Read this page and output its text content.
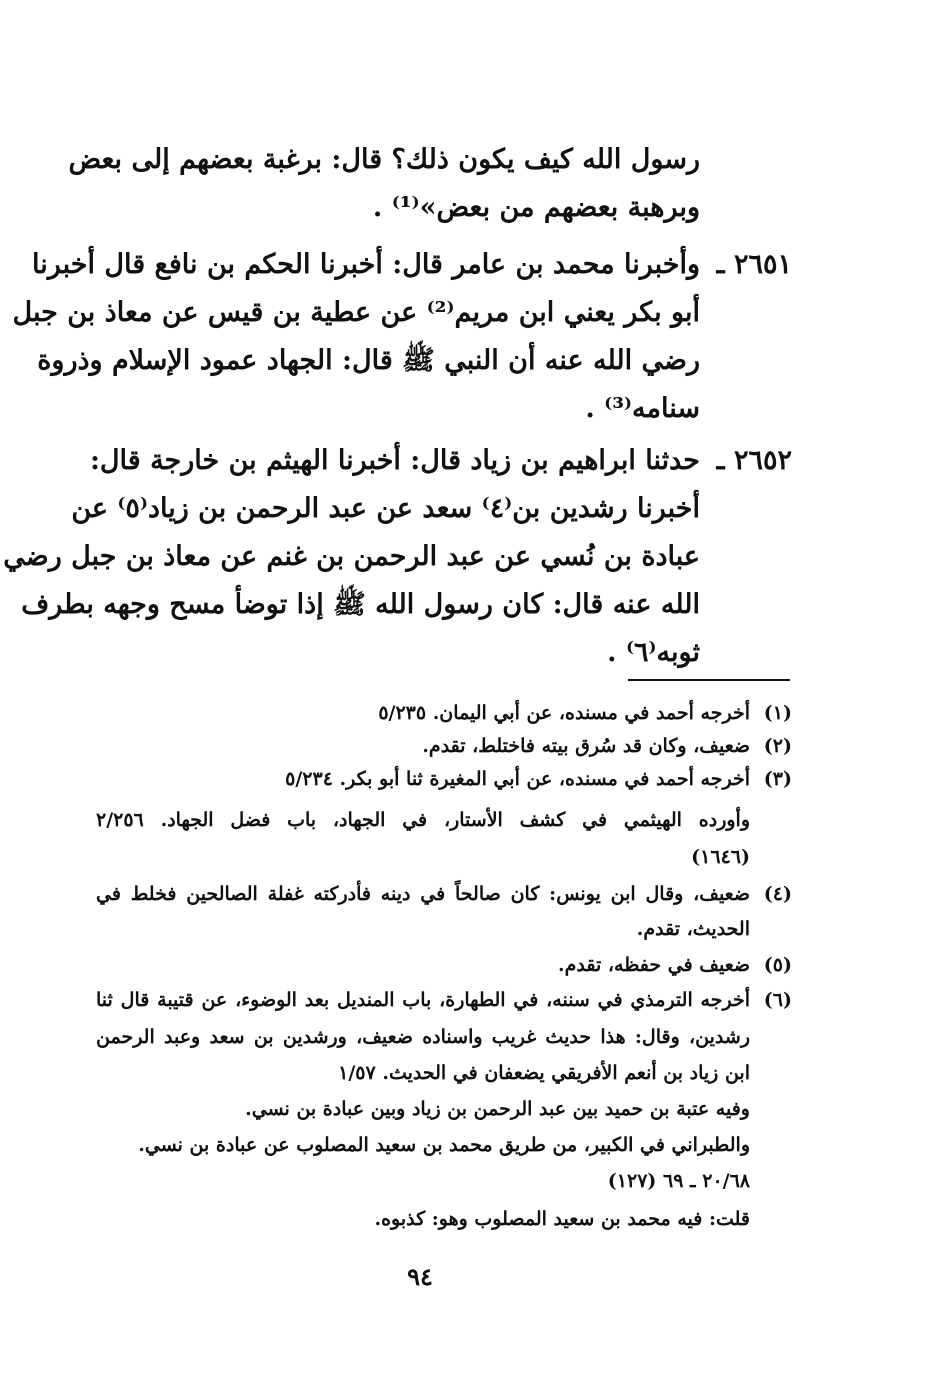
رسول الله كيف يكون ذلك؟ قال: برغبة بعضهم إلى بعض
وبرهبة بعضهم من بعض»⁽¹⁾ .
٢٦٥١ ـ
وأخبرنا محمد بن عامر قال: أخبرنا الحكم بن نافع قال أخبرنا
أبو بكر يعني ابن مريم⁽²⁾ عن عطية بن قيس عن معاذ بن جبل
رضي الله عنه أن النبي ﷺ قال: الجهاد عمود الإسلام وذروة
سنامه⁽³⁾ .
٢٦٥٢ ـ
حدثنا ابراهيم بن زياد قال: أخبرنا الهيثم بن خارجة قال:
أخبرنا رشدين بن⁽٤⁾ سعد عن عبد الرحمن بن زياد⁽٥⁾ عن
عبادة بن نُسي عن عبد الرحمن بن غنم عن معاذ بن جبل رضي
الله عنه قال: كان رسول الله ﷺ إذا توضأ مسح وجهه بطرف
ثوبه⁽٦⁾ .
(١)
أخرجه أحمد في مسنده، عن أبي اليمان. ٥/٢٣٥
(٢)
ضعيف، وكان قد سُرق بيته فاختلط، تقدم.
(٣)
أخرجه أحمد في مسنده، عن أبي المغيرة ثنا أبو بكر. ٥/٢٣٤
وأورده الهيثمي في كشف الأستار، في الجهاد، باب فضل الجهاد. ٢/٢٥٦
(١٦٤٦)
(٤)
ضعيف، وقال ابن يونس: كان صالحاً في دينه فأدركته غفلة الصالحين فخلط في
الحديث، تقدم.
(٥)
ضعيف في حفظه، تقدم.
(٦)
أخرجه الترمذي في سننه، في الطهارة، باب المنديل بعد الوضوء، عن قتيبة قال ثنا
رشدين، وقال: هذا حديث غريب واسناده ضعيف، ورشدين بن سعد وعبد الرحمن
ابن زياد بن أنعم الأفريقي يضعفان في الحديث. ١/٥٧
وفيه عتبة بن حميد بين عبد الرحمن بن زياد وبين عبادة بن نسي.
والطبراني في الكبير، من طريق محمد بن سعيد المصلوب عن عبادة بن نسي.
٢٠/٦٨ ـ ٦٩ (١٢٧)
قلت: فيه محمد بن سعيد المصلوب وهو: كذبوه.
٩٤
